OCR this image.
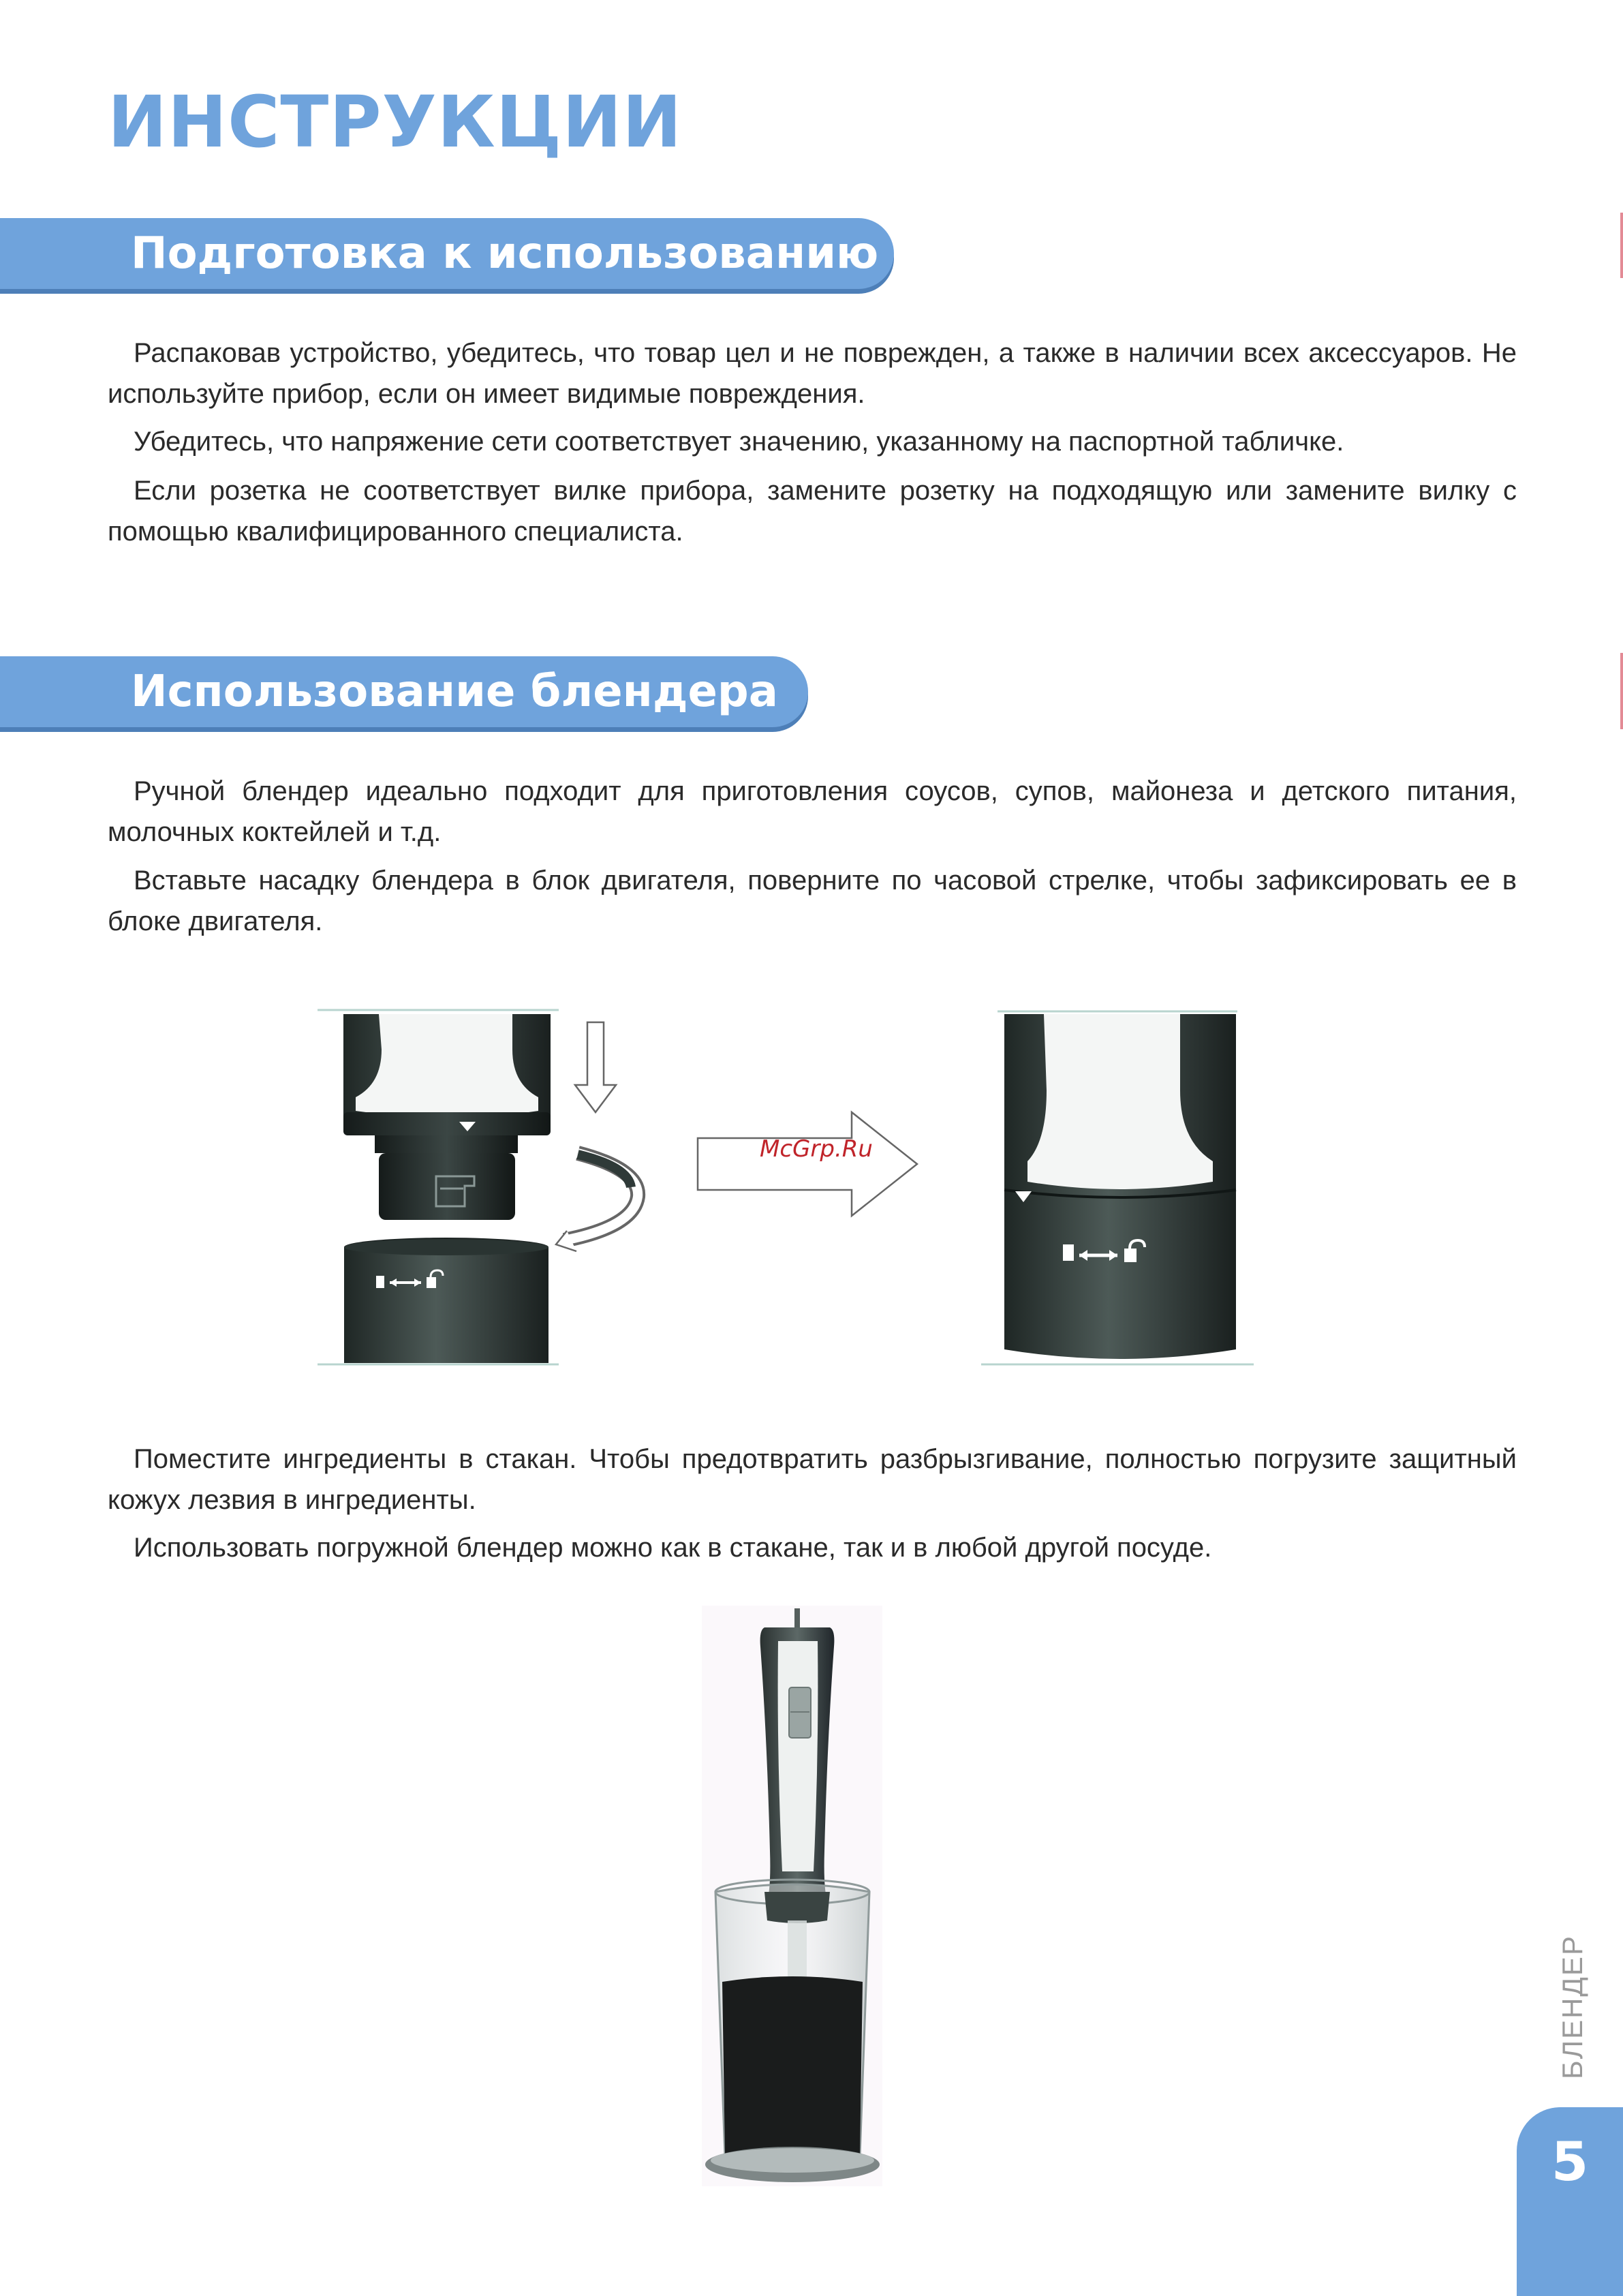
ИНСТРУКЦИИ
Подготовка к использованию

Распаковав устройство, убедитесь, что товар цел и не поврежден, а также в наличии всех аксессуаров. Не используйте прибор, если он имеет видимые повреждения.

Убедитесь, что напряжение сети соответствует значению, указанному на паспортной табличке.

Если розетка не соответствует вилке прибора, замените розетку на подходящую или замените вилку с помощью квалифицированного специалиста.

Использование блендера

Ручной блендер идеально подходит для приготовления соусов, супов, майонеза и детского питания, молочных коктейлей и т.д.

Вставьте насадку блендера в блок двигателя, поверните по часовой стрелке, чтобы зафиксировать ее в блоке двигателя.

McGrp.Ru

Поместите ингредиенты в стакан. Чтобы предотвратить разбрызгивание, полностью погрузите защитный кожух лезвия в ингредиенты.

Использовать погружной блендер можно как в стакане, так и в любой другой посуде.

БЛЕНДЕР
5
